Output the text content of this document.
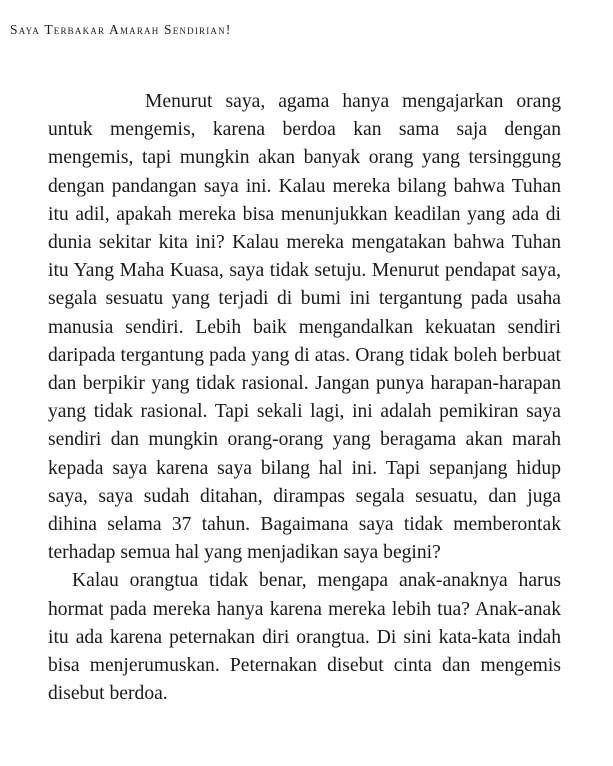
Saya Terbakar Amarah Sendirian!

Menurut saya, agama hanya mengajarkan orang untuk mengemis, karena berdoa kan sama saja dengan mengemis, tapi mungkin akan banyak orang yang tersinggung dengan pandangan saya ini. Kalau mereka bilang bahwa Tuhan itu adil, apakah mereka bisa menunjukkan keadilan yang ada di dunia sekitar kita ini? Kalau mereka mengatakan bahwa Tuhan itu Yang Maha Kuasa, saya tidak setuju. Menurut pendapat saya, segala sesuatu yang terjadi di bumi ini tergantung pada usaha manusia sendiri. Lebih baik mengandalkan kekuatan sendiri daripada tergantung pada yang di atas. Orang tidak boleh berbuat dan berpikir yang tidak rasional. Jangan punya harapan-harapan yang tidak rasional. Tapi sekali lagi, ini adalah pemikiran saya sendiri dan mungkin orang-orang yang beragama akan marah kepada saya karena saya bilang hal ini. Tapi sepanjang hidup saya, saya sudah ditahan, dirampas segala sesuatu, dan juga dihina selama 37 tahun. Bagaimana saya tidak memberontak terhadap semua hal yang menjadikan saya begini?

Kalau orangtua tidak benar, mengapa anak-anaknya harus hormat pada mereka hanya karena mereka lebih tua? Anak-anak itu ada karena peternakan diri orangtua. Di sini kata-kata indah bisa menjerumuskan. Peternakan disebut cinta dan mengemis disebut berdoa.
